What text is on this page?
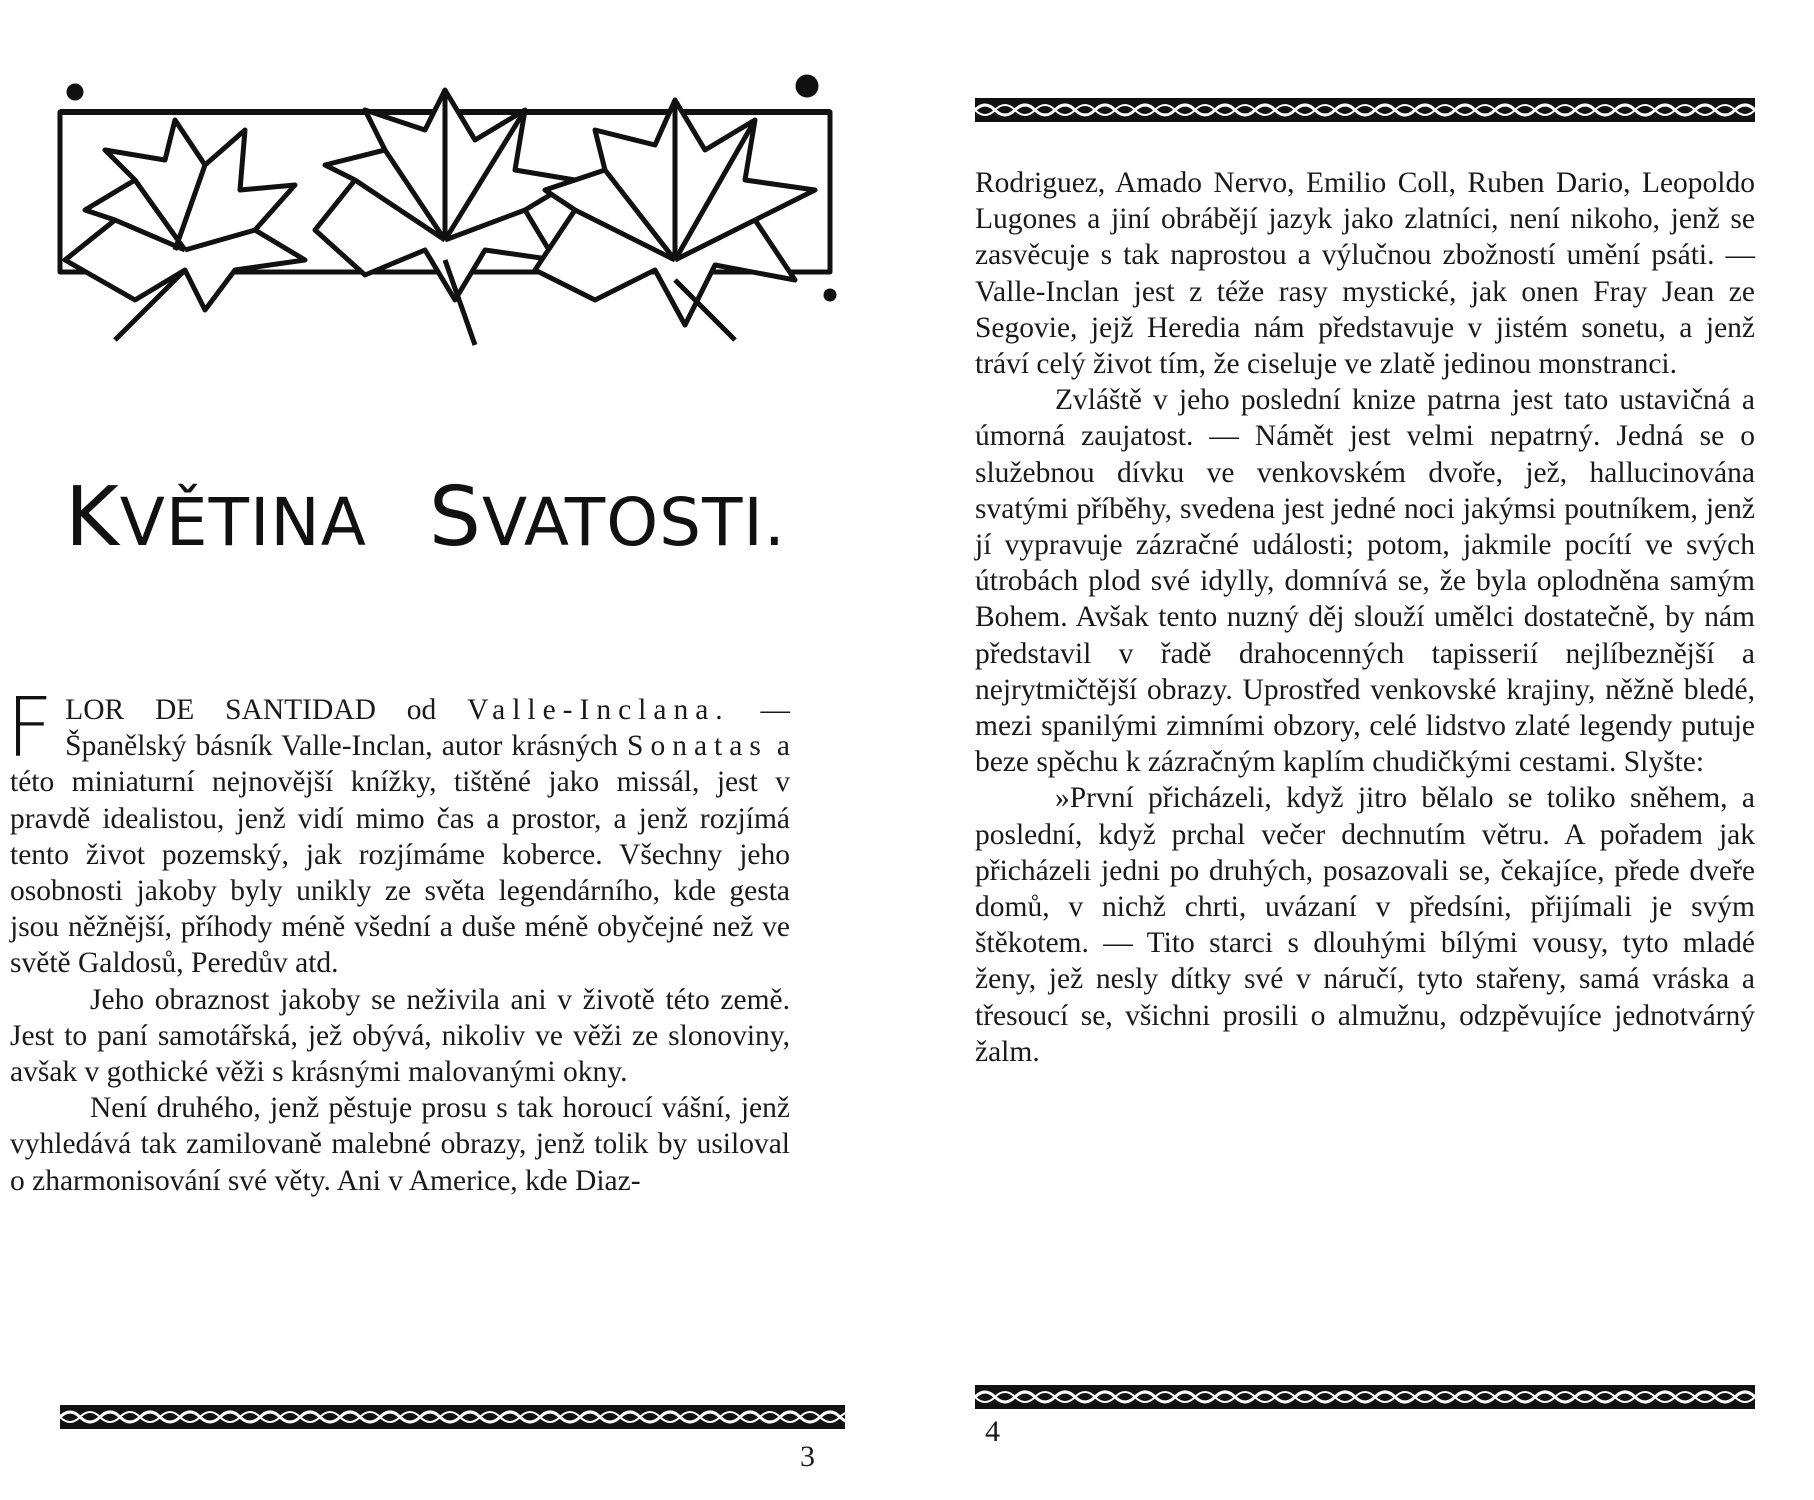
KVĚTINA SVATOSTI.

FLOR DE SANTIDAD od Valle-Inclana. — Španělský básník Valle-Inclan, autor krásných Sonatas a této miniaturní nejnovější knížky, tištěné jako missál, jest v pravdě idealistou, jenž vidí mimo čas a prostor, a jenž rozjímá tento život pozemský, jak rozjímáme koberce. Všechny jeho osobnosti jakoby byly unikly ze světa legendárního, kde gesta jsou něžnější, příhody méně všední a duše méně obyčejné než ve světě Galdosů, Peredův atd.

Jeho obraznost jakoby se neživila ani v životě této země. Jest to paní samotářská, jež obývá, nikoliv ve věži ze slonoviny, avšak v gothické věži s krásnými malovanými okny.

Není druhého, jenž pěstuje prosu s tak horoucí vášní, jenž vyhledává tak zamilovaně malebné obrazy, jenž tolik by usiloval o zharmonisování své věty. Ani v Americe, kde Diaz-

3

Rodriguez, Amado Nervo, Emilio Coll, Ruben Dario, Leopoldo Lugones a jiní obrábějí jazyk jako zlatníci, není nikoho, jenž se zasvěcuje s tak naprostou a výlučnou zbožností umění psáti. — Valle-Inclan jest z téže rasy mystické, jak onen Fray Jean ze Segovie, jejž Heredia nám představuje v jistém sonetu, a jenž tráví celý život tím, že ciseluje ve zlatě jedinou monstranci.

Zvláště v jeho poslední knize patrna jest tato ustavičná a úmorná zaujatost. — Námět jest velmi nepatrný. Jedná se o služebnou dívku ve venkovském dvoře, jež, hallucinována svatými příběhy, svedena jest jedné noci jakýmsi poutníkem, jenž jí vypravuje zázračné události; potom, jakmile pocítí ve svých útrobách plod své idylly, domnívá se, že byla oplodněna samým Bohem. Avšak tento nuzný děj slouží umělci dostatečně, by nám představil v řadě drahocenných tapisserií nejlíbeznější a nejrytmičtější obrazy. Uprostřed venkovské krajiny, něžně bledé, mezi spanilými zimními obzory, celé lidstvo zlaté legendy putuje beze spěchu k zázračným kaplím chudičkými cestami. Slyšte:

»První přicházeli, když jitro bělalo se toliko sněhem, a poslední, když prchal večer dechnutím větru. A pořadem jak přicházeli jedni po druhých, posazovali se, čekajíce, přede dveře domů, v nichž chrti, uvázaní v předsíni, přijímali je svým štěkotem. — Tito starci s dlouhými bílými vousy, tyto mladé ženy, jež nesly dítky své v náručí, tyto stařeny, samá vráska a třesoucí se, všichni prosili o almužnu, odzpěvujíce jednotvárný žalm.

4
